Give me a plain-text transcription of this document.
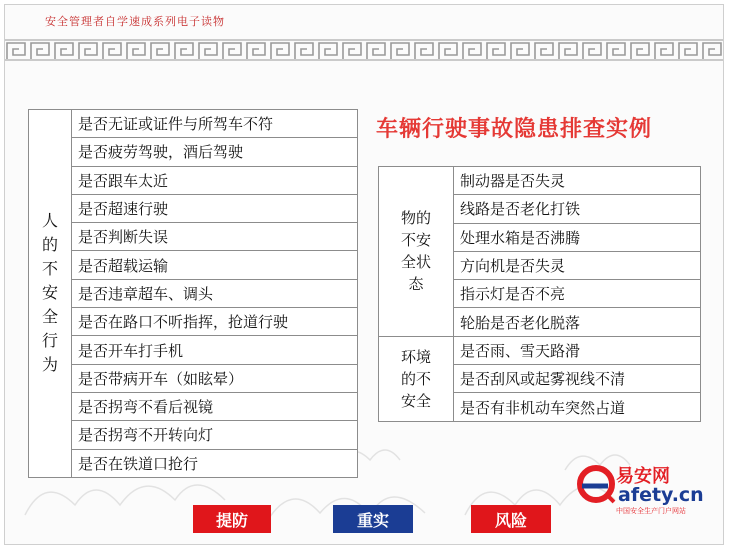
安全管理者自学速成系列电子读物
车辆行驶事故隐患排查实例
人
的
不
安
全
行
为
	是否无证或证件与所驾车不符
是否疲劳驾驶，酒后驾驶
是否跟车太近
是否超速行驶
是否判断失误
是否超载运输
是否违章超车、调头
是否在路口不听指挥，抢道行驶
是否开车打手机
是否带病开车（如眩晕）
是否拐弯不看后视镜
是否拐弯不开转向灯
是否在铁道口抢行
物的
不安
全状
态	制动器是否失灵
	线路是否老化打铁
	处理水箱是否沸腾
	方向机是否失灵
	指示灯是否不亮
	轮胎是否老化脱落

环境
的不
安全	是否雨、雪天路滑
	是否刮风或起雾视线不清
	是否有非机动车突然占道
提防	重实	风险
易安网
afety.cn
中国安全生产门户网站
